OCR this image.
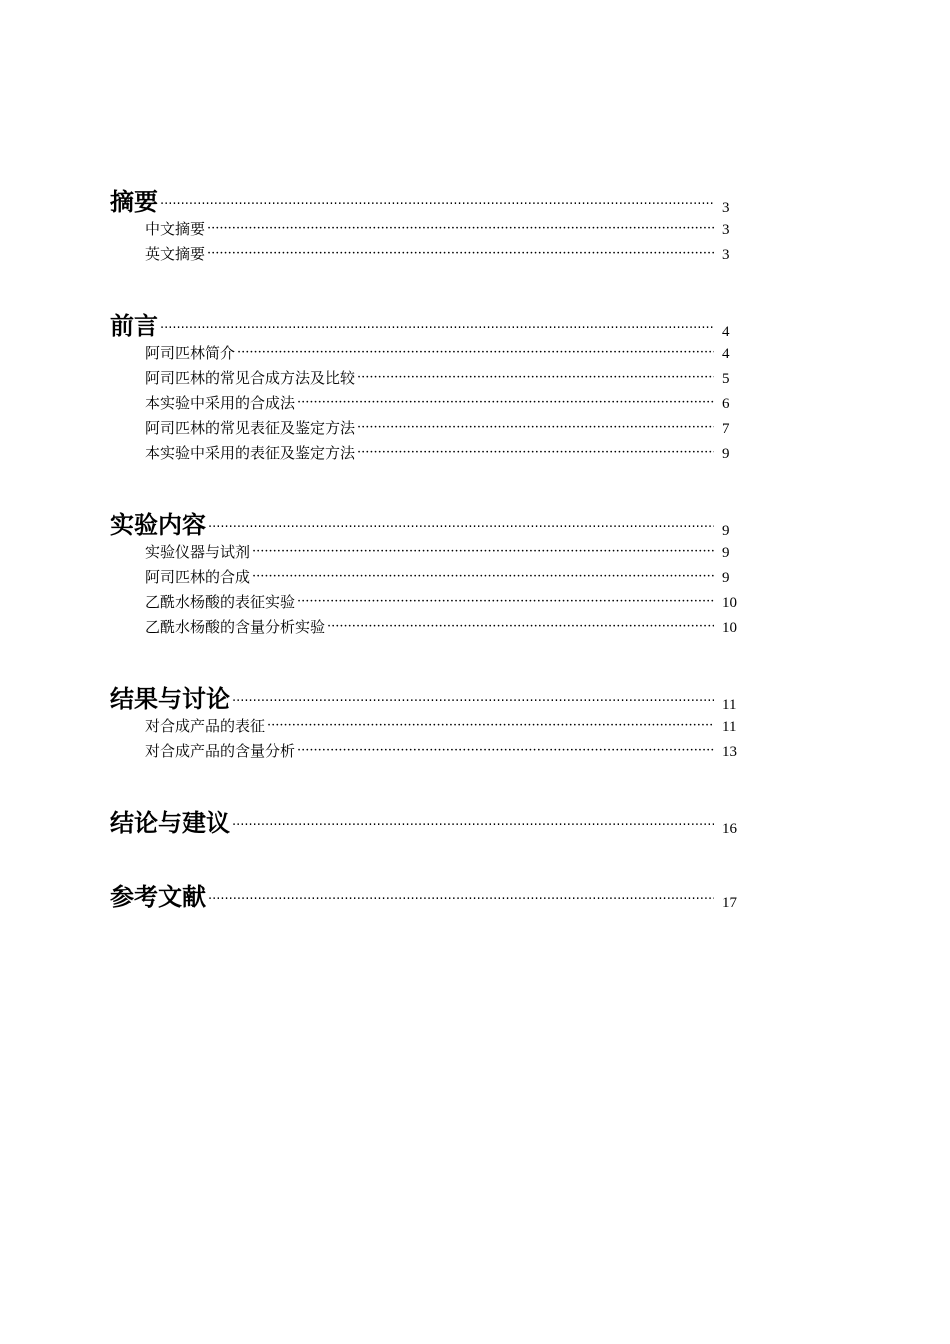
摘要 ·····	3
中文摘要 ·····	3
英文摘要 ·····	3
前言 ·····	4
阿司匹林简介 ·····	4
阿司匹林的常见合成方法及比较 ·····	5
本实验中采用的合成法 ·····	6
阿司匹林的常见表征及鉴定方法 ·····	7
本实验中采用的表征及鉴定方法 ·····	9
实验内容 ·····	9
实验仪器与试剂 ·····	9
阿司匹林的合成 ·····	9
乙酰水杨酸的表征实验 ·····	10
乙酰水杨酸的含量分析实验 ·····	10
结果与讨论 ·····	11
对合成产品的表征 ·····	11
对合成产品的含量分析 ·····	13
结论与建议 ·····	16
参考文献 ·····	17
